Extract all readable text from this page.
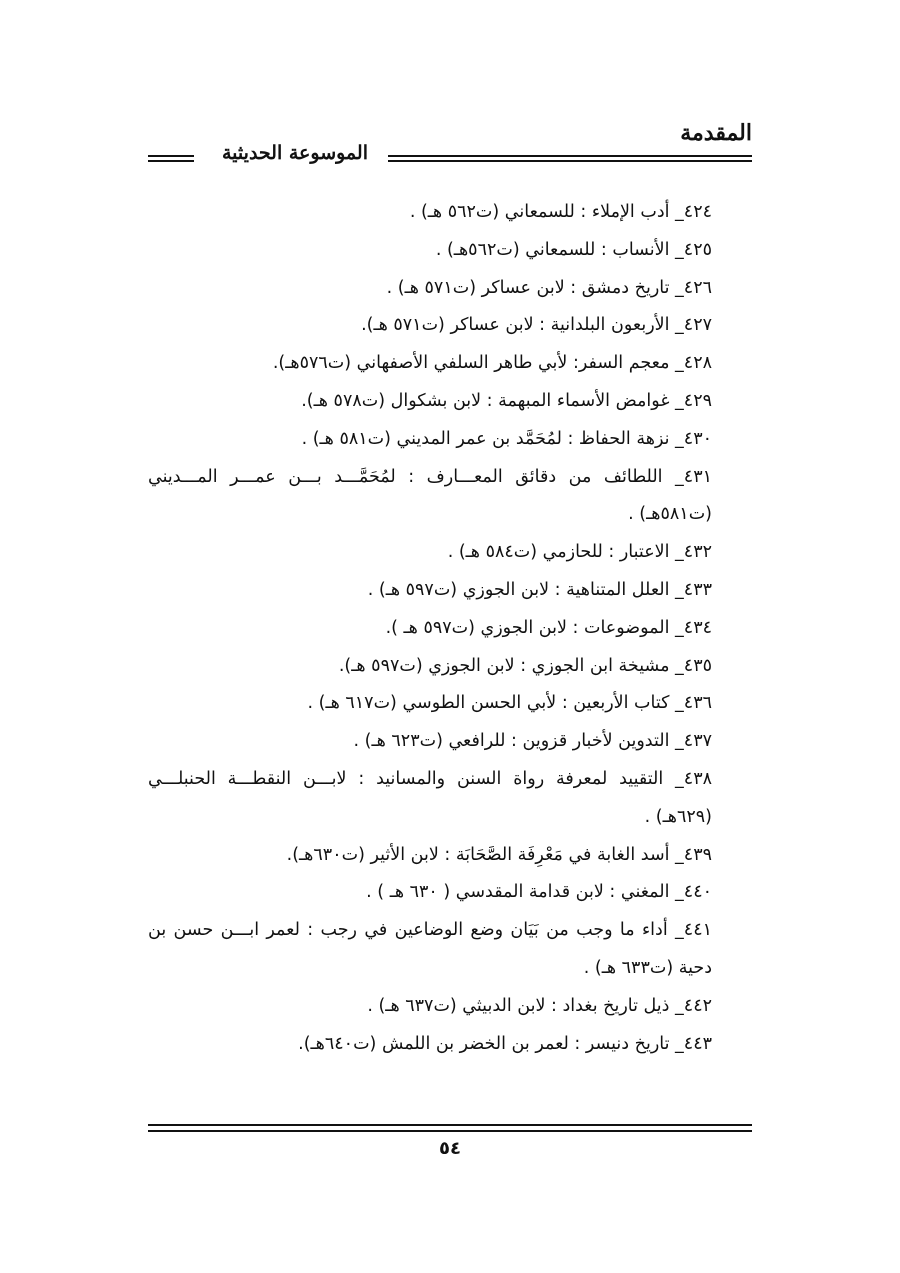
المقدمة
الموسوعة الحديثية
٤٢٤_ أدب الإملاء : للسمعاني (ت٥٦٢ هـ) .
٤٢٥_ الأنساب : للسمعاني (ت٥٦٢هـ) .
٤٢٦_ تاريخ دمشق : لابن عساكر (ت٥٧١ هـ) .
٤٢٧_ الأربعون البلدانية : لابن عساكر (ت٥٧١ هـ).
٤٢٨_ معجم السفر: لأبي طاهر السلفي الأصفهاني (ت٥٧٦هـ).
٤٢٩_ غوامض الأسماء المبهمة : لابن بشكوال (ت٥٧٨ هـ).
٤٣٠_ نزهة الحفاظ : لمُحَمَّد بن عمر المديني (ت٥٨١ هـ) .
٤٣١_ اللطائف من دقائق المعـــارف : لمُحَمَّـــد بـــن عمـــر المـــديني (ت٥٨١هـ) .
٤٣٢_ الاعتبار : للحازمي (ت٥٨٤ هـ) .
٤٣٣_ العلل المتناهية : لابن الجوزي (ت٥٩٧ هـ) .
٤٣٤_ الموضوعات : لابن الجوزي (ت٥٩٧ هـ ).
٤٣٥_ مشيخة ابن الجوزي : لابن الجوزي (ت٥٩٧ هـ).
٤٣٦_ كتاب الأربعين : لأبي الحسن الطوسي (ت٦١٧ هـ) .
٤٣٧_ التدوين لأخبار قزوين : للرافعي (ت٦٢٣ هـ) .
٤٣٨_ التقييد لمعرفة رواة السنن والمسانيد : لابـــن النقطـــة الحنبلـــي (٦٢٩هـ) .
٤٣٩_ أسد الغابة في مَعْرِفَة الصَّحَابَة : لابن الأثير (ت٦٣٠هـ).
٤٤٠_ المغني : لابن قدامة المقدسي ( ٦٣٠ هـ ) .
٤٤١_ أداء ما وجب من بَيَان وضع الوضاعين في رجب : لعمر ابـــن حسن بن دحية (ت٦٣٣ هـ) .
٤٤٢_ ذيل تاريخ بغداد : لابن الدبيثي (ت٦٣٧ هـ) .
٤٤٣_ تاريخ دنيسر : لعمر بن الخضر بن اللمش (ت٦٤٠هـ).
٥٤
